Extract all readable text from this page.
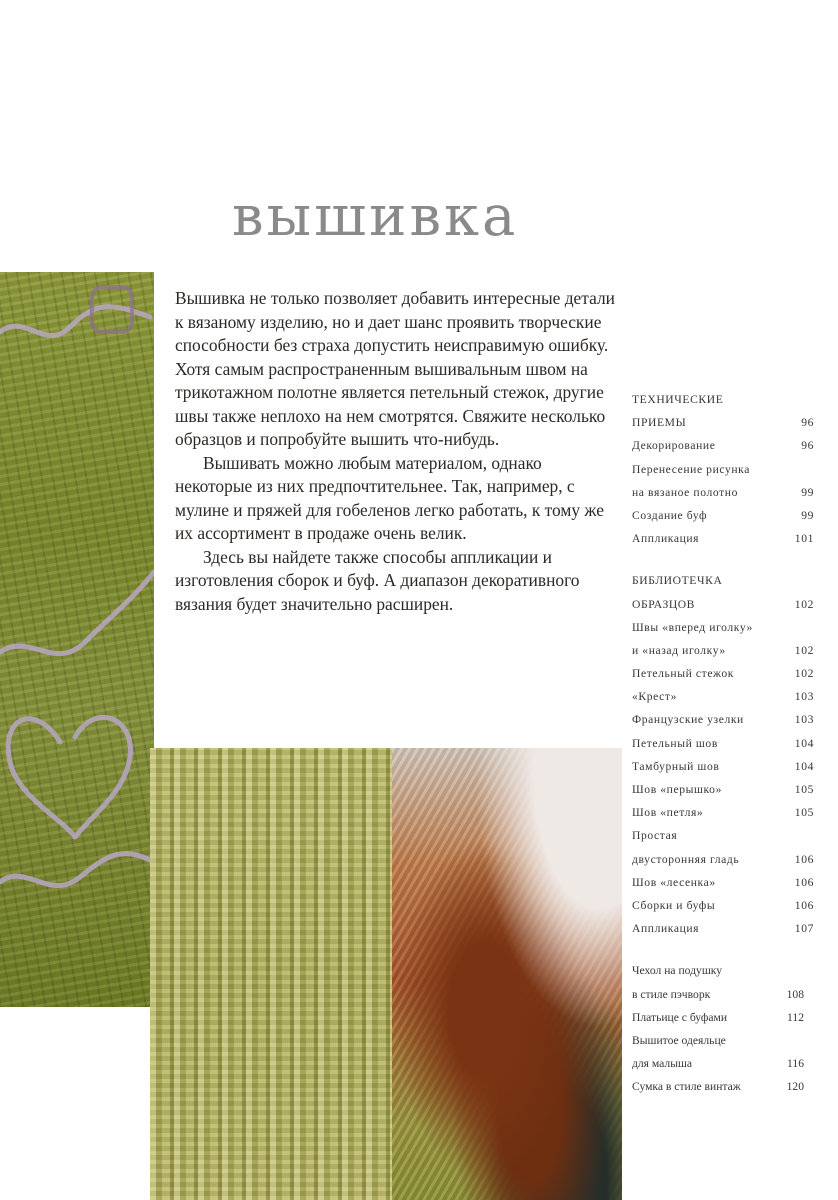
вышивка

Вышивка не только позволяет добавить интересные детали к вязаному изделию, но и дает шанс проявить творческие способности без страха допустить неисправимую ошибку. Хотя самым распространенным вышивальным швом на трикотажном полотне является петельный стежок, другие швы также неплохо на нем смотрятся. Свяжите несколько образцов и попробуйте вышить что-нибудь.

Вышивать можно любым материалом, однако некоторые из них предпочтительнее. Так, например, с мулине и пряжей для гобеленов легко работать, к тому же их ассортимент в продаже очень велик.

Здесь вы найдете также способы аппликации и изготовления сборок и буф. А диапазон декоративного вязания будет значительно расширен.

ТЕХНИЧЕСКИЕ
ПРИЕМЫ	96
Декорирование	96
Перенесение рисунка
на вязаное полотно	99
Создание буф	99
Аппликация	101
БИБЛИОТЕЧКА
ОБРАЗЦОВ	102
Швы «вперед иголку»
и «назад иголку»	102
Петельный стежок	102
«Крест»	103
Французские узелки	103
Петельный шов	104
Тамбурный шов	104
Шов «перышко»	105
Шов «петля»	105
Простая
двусторонняя гладь	106
Шов «лесенка»	106
Сборки и буфы	106
Аппликация	107
Чехол на подушку
в стиле пэчворк	108
Платьице с буфами	112
Вышитое одеяльце
для малыша	116
Сумка в стиле винтаж	120
